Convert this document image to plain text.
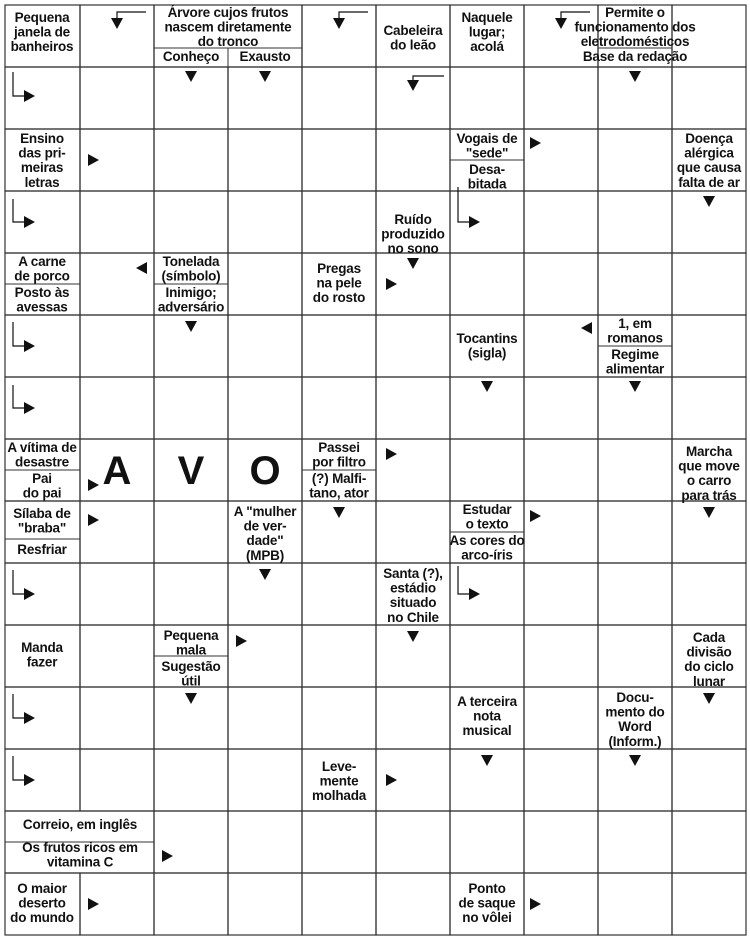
Pequena janela de banheiros
Árvore cujos frutos nascem diretamente do tronco
Conheço Exausto
Cabeleira do leão
Naquele lugar; acolá
Permite o funcionamento dos eletrodomésticos
Base da redação
Ensino das pri-meiras letras
Vogais de "sede"
Desa-bitada
Doença alérgica que causa falta de ar
Ruído produzido no sono
A carne de porco
Posto às avessas
Tonelada (símbolo)
Inimigo; adversário
Pregas na pele do rosto
Tocantins (sigla)
1, em romanos
Regime alimentar
A vítima de desastre
Pai do pai
Passei por filtro
(?) Malfi-tano, ator
Marcha que move o carro para trás
Sílaba de "braba"
Resfriar
A "mulher de ver-dade" (MPB)
Estudar o texto
As cores do arco-íris
Santa (?), estádio situado no Chile
Manda fazer
Pequena mala
Sugestão útil
Cada divisão do ciclo lunar
A terceira nota musical
Docu-mento do Word (Inform.)
Leve-mente molhada
Correio, em inglês
Os frutos ricos em vitamina C
O maior deserto do mundo
Ponto de saque no vôlei
A V O
